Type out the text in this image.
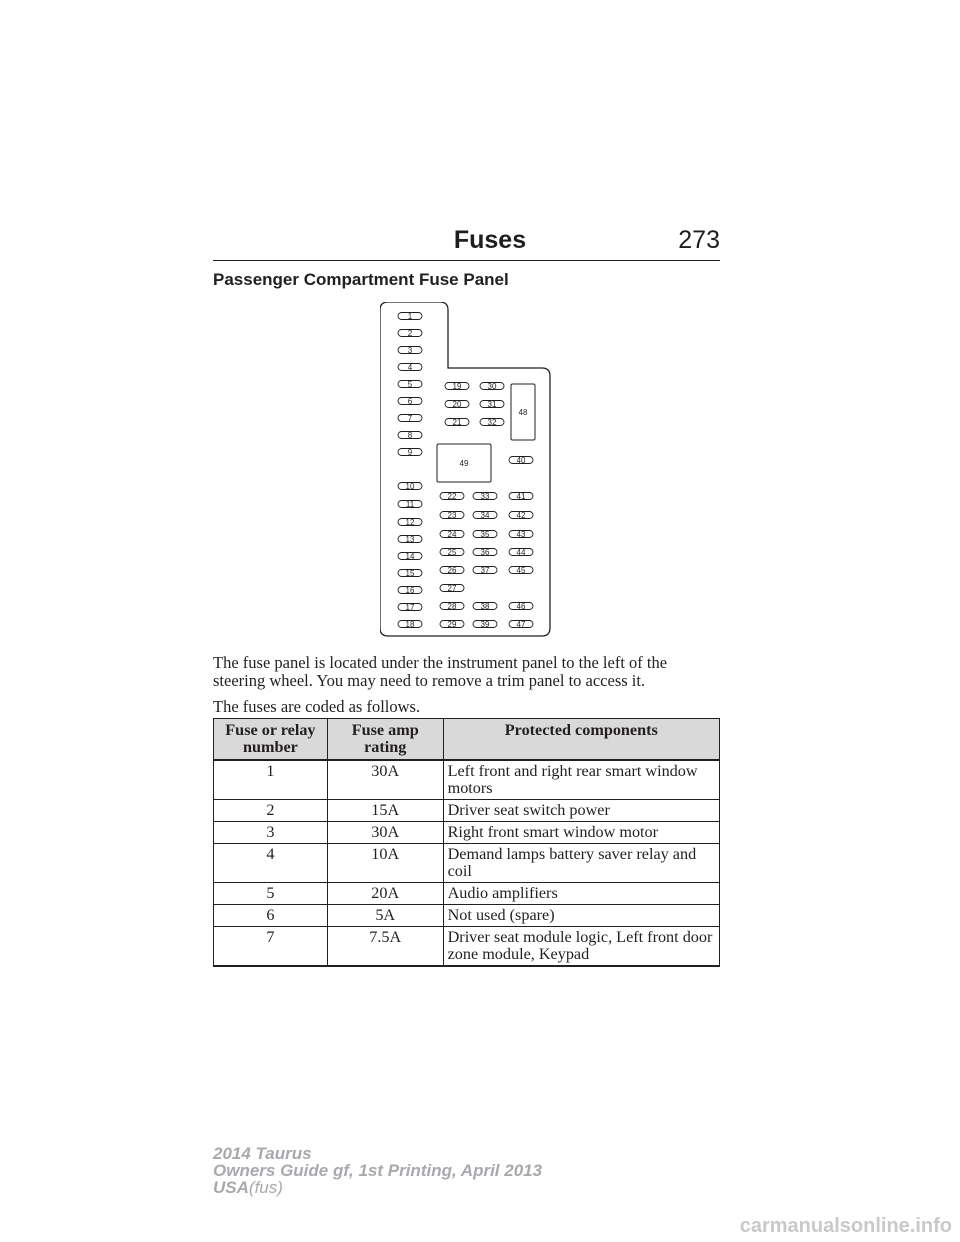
Fuses	273
Passenger Compartment Fuse Panel
1
2
3
4
5
6
7
8
9
10
11
12
13
14
15
16
17
18
19
20
21
22
23
24
25
26
27
28
29
30
31
32
33
34
35
36
37
38
39
40
41
42
43
44
45
46
47
48
49
The fuse panel is located under the instrument panel to the left of the steering wheel. You may need to remove a trim panel to access it.
The fuses are coded as follows.
Fuse or relay number	Fuse amp rating	Protected components
1	30A	Left front and right rear smart window motors
2	15A	Driver seat switch power
3	30A	Right front smart window motor
4	10A	Demand lamps battery saver relay and coil
5	20A	Audio amplifiers
6	5A	Not used (spare)
7	7.5A	Driver seat module logic, Left front door zone module, Keypad
2014 Taurus
Owners Guide gf, 1st Printing, April 2013
USA(fus)
carmanualsonline.info
